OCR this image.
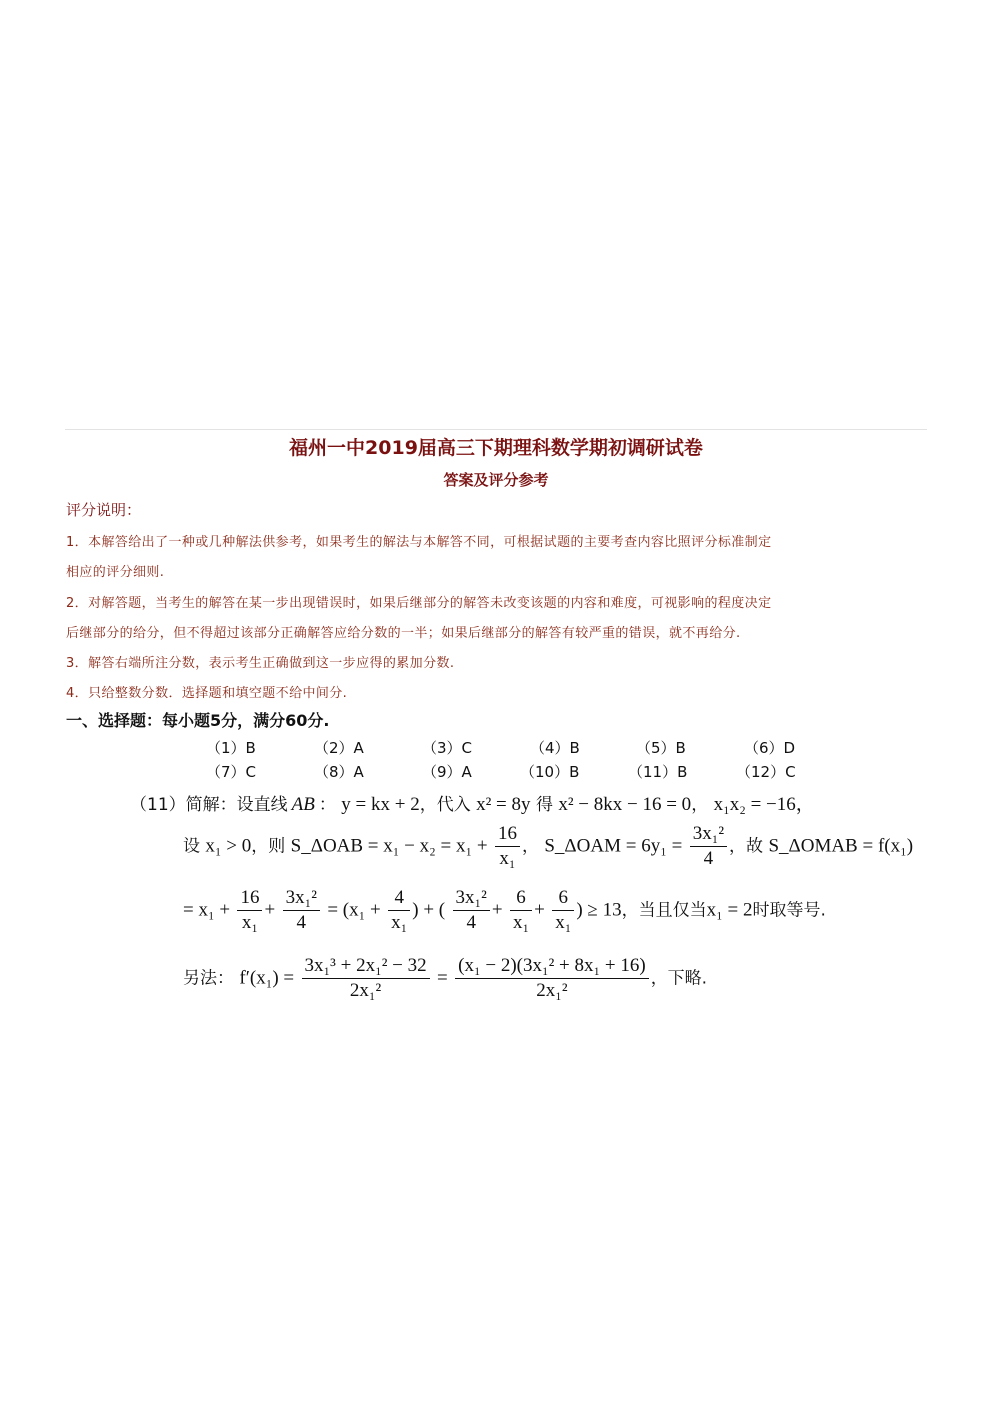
福州一中2019届高三下期理科数学期初调研试卷
答案及评分参考
评分说明：
1．本解答给出了一种或几种解法供参考，如果考生的解法与本解答不同，可根据试题的主要考查内容比照评分标准制定
相应的评分细则.
2．对解答题，当考生的解答在某一步出现错误时，如果后继部分的解答未改变该题的内容和难度，可视影响的程度决定
后继部分的给分，但不得超过该部分正确解答应给分数的一半；如果后继部分的解答有较严重的错误，就不再给分.
3．解答右端所注分数，表示考生正确做到这一步应得的累加分数.
4．只给整数分数．选择题和填空题不给中间分.
一、选择题：每小题5分，满分60分.
（1）B	（2）A	（3）C	（4）B	（5）B	（6）D
（7）C	（8）A	（9）A	（10）B	（11）B	（12）C
（11）简解：设直线 AB ： y = kx + 2，代入 x² = 8y 得 x² − 8kx − 16 = 0， x₁x₂ = −16，
设 x₁ > 0，则 S_ΔOAB = $x_1 - x_2 = x_1 + \frac{16}{\text{x₁}}$ ， S_ΔOAM = $6y_1 = \frac{\text{3x₁²}}{4}$ ，故 S_ΔOMAB = f(x₁)
= $x_1 + \frac{16}{\text{x₁}} + \frac{\text{3x₁²}}{4} = (x_1 + \frac{4}{\text{x₁}}$ ) + ( $\frac{\text{3x₁²}}{4} + \frac{6}{\text{x₁}} + \frac{6}{\text{x₁}}$ ) ≥ 13，当且仅当x₁ = 2时取等号.
另法： $f'(x_1) = \frac{\text{3x₁³ + 2x₁² − 32}}{\text{2x₁²}} = \frac{\text{(x₁ − 2)(3x₁² + 8x₁ + 16)}}{\text{2x₁²}}$ ，下略.
